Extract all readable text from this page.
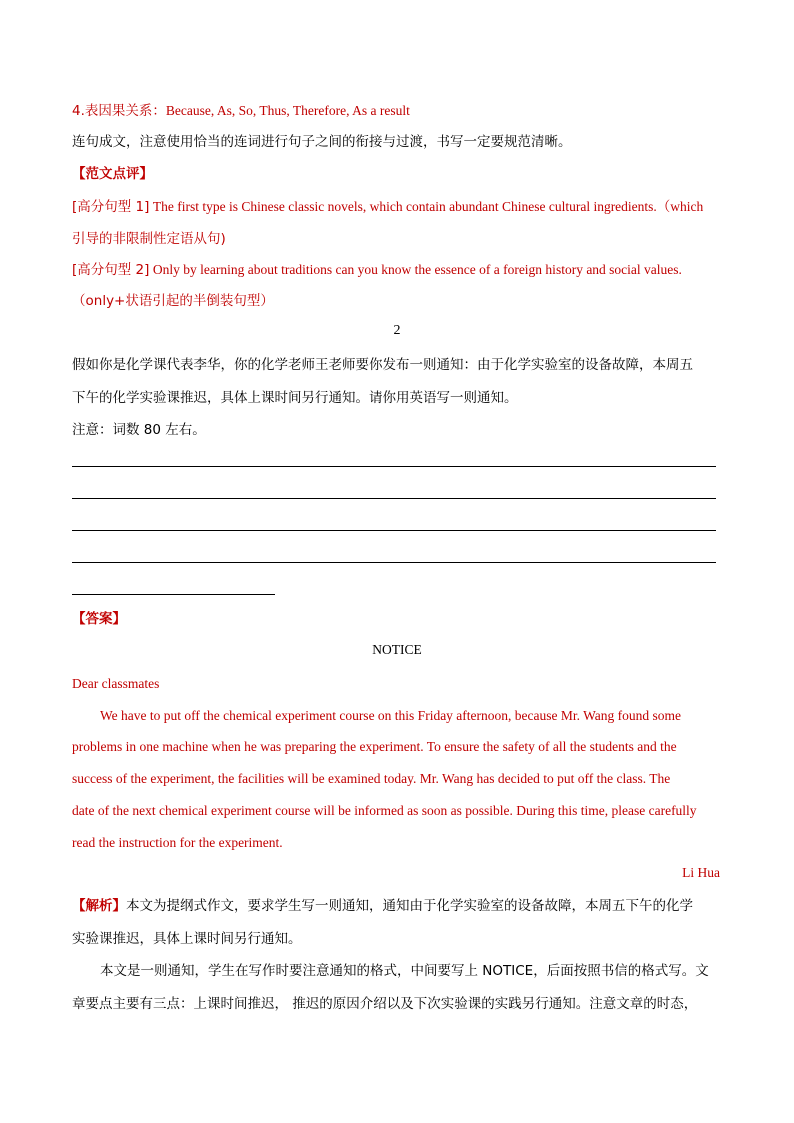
4.表因果关系：Because, As, So, Thus, Therefore, As a result
连句成文，注意使用恰当的连词进行句子之间的衔接与过渡，书写一定要规范清晰。
【范文点评】
[高分句型 1] The first type is Chinese classic novels, which contain abundant Chinese cultural ingredients.（which
引导的非限制性定语从句)
[高分句型 2] Only by learning about traditions can you know the essence of a foreign history and social values.
（only+状语引起的半倒装句型）
2
假如你是化学课代表李华，你的化学老师王老师要你发布一则通知：由于化学实验室的设备故障，本周五
下午的化学实验课推迟，具体上课时间另行通知。请你用英语写一则通知。
注意：词数 80 左右。
【答案】
NOTICE
Dear classmates
We have to put off the chemical experiment course on this Friday afternoon, because Mr. Wang found some
problems in one machine when he was preparing the experiment. To ensure the safety of all the students and the
success of the experiment, the facilities will be examined today. Mr. Wang has decided to put off the class. The
date of the next chemical experiment course will be informed as soon as possible. During this time, please carefully
read the instruction for the experiment.
Li Hua
【解析】本文为提纲式作文，要求学生写一则通知，通知由于化学实验室的设备故障，本周五下午的化学
实验课推迟，具体上课时间另行通知。
本文是一则通知，学生在写作时要注意通知的格式，中间要写上 NOTICE，后面按照书信的格式写。文
章要点主要有三点：上课时间推迟， 推迟的原因介绍以及下次实验课的实践另行通知。注意文章的时态，
